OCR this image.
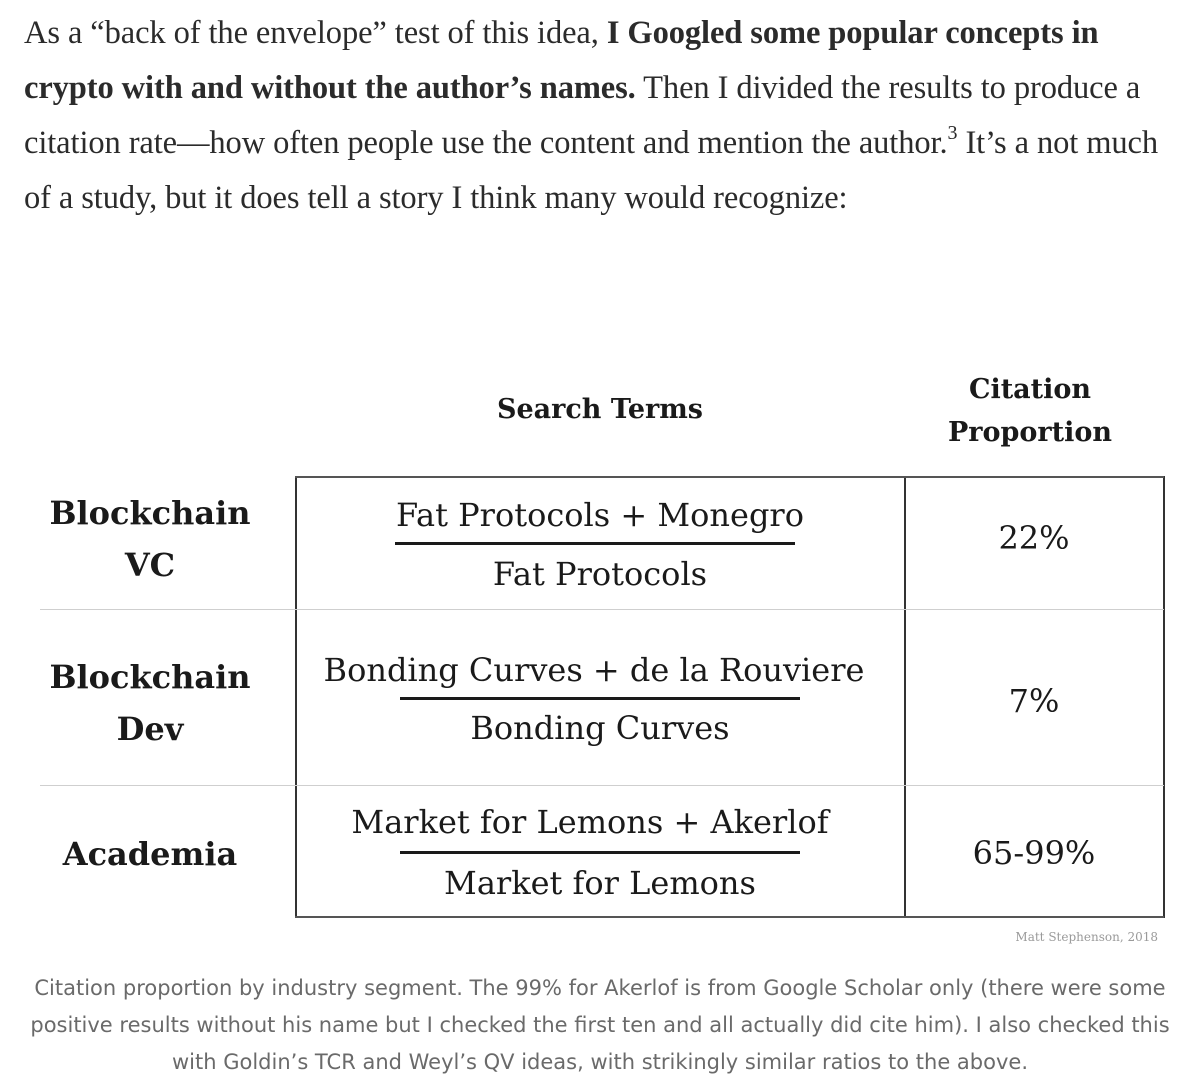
As a “back of the envelope” test of this idea, I Googled some popular concepts in crypto with and without the author’s names. Then I divided the results to produce a citation rate—how often people use the content and mention the author.$^3$ It’s a not much of a study, but it does tell a story I think many would recognize:
Search Terms
Citation
Proportion
Blockchain
VC
Fat Protocols + Monegro
Fat Protocols
22%
Blockchain
Dev
Bonding Curves + de la Rouviere
Bonding Curves
7%
Academia
Market for Lemons + Akerlof
Market for Lemons
65-99%
Matt Stephenson, 2018
Citation proportion by industry segment. The 99% for Akerlof is from Google Scholar only (there were some positive results without his name but I checked the first ten and all actually did cite him). I also checked this with Goldin’s TCR and Weyl’s QV ideas, with strikingly similar ratios to the above.
